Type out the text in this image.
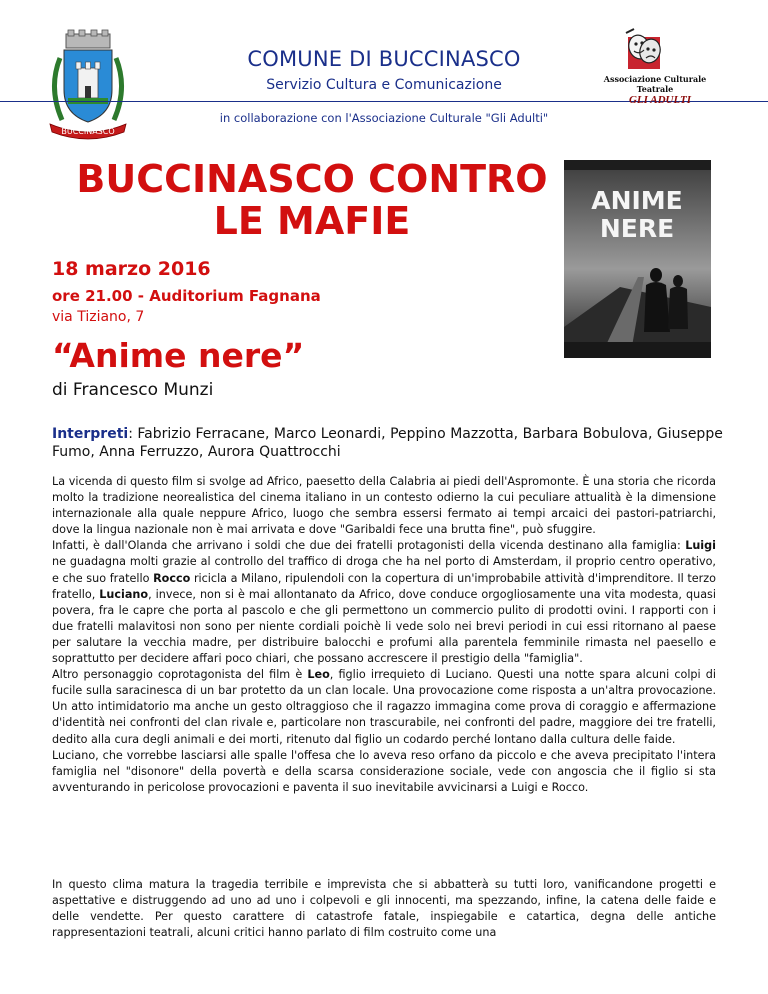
BUCCINASCO
COMUNE DI BUCCINASCO
Servizio Cultura e Comunicazione
in collaborazione con l'Associazione Culturale "Gli Adulti"
Associazione Culturale Teatrale
GLI ADULTI
BUCCINASCO CONTRO
LE MAFIE
18 marzo 2016
ore 21.00 - Auditorium Fagnana
via Tiziano, 7
“Anime nere”
di Francesco Munzi
ANIME
NERE
Interpreti: Fabrizio Ferracane, Marco Leonardi, Peppino Mazzotta, Barbara Bobulova, Giuseppe Fumo, Anna Ferruzzo, Aurora Quattrocchi

La vicenda di questo film si svolge ad Africo, paesetto della Calabria ai piedi dell'Aspromonte. È una storia che ricorda molto la tradizione neorealistica del cinema italiano in un contesto odierno la cui peculiare attualità è la dimensione internazionale alla quale neppure Africo, luogo che sembra essersi fermato ai tempi arcaici dei pastori-patriarchi, dove la lingua nazionale non è mai arrivata e dove "Garibaldi fece una brutta fine", può sfuggire.

Infatti, è dall'Olanda che arrivano i soldi che due dei fratelli protagonisti della vicenda destinano alla famiglia: Luigi ne guadagna molti grazie al controllo del traffico di droga che ha nel porto di Amsterdam, il proprio centro operativo, e che suo fratello Rocco ricicla a Milano, ripulendoli con la copertura di un'improbabile attività d'imprenditore. Il terzo fratello, Luciano, invece, non si è mai allontanato da Africo, dove conduce orgogliosamente una vita modesta, quasi povera, fra le capre che porta al pascolo e che gli permettono un commercio pulito di prodotti ovini. I rapporti con i due fratelli malavitosi non sono per niente cordiali poichè li vede solo nei brevi periodi in cui essi ritornano al paese per salutare la vecchia madre, per distribuire balocchi e profumi alla parentela femminile rimasta nel paesello e soprattutto per decidere affari poco chiari, che possano accrescere il prestigio della "famiglia".

Altro personaggio coprotagonista del film è Leo, figlio irrequieto di Luciano. Questi una notte spara alcuni colpi di fucile sulla saracinesca di un bar protetto da un clan locale. Una provocazione come risposta a un'altra provocazione. Un atto intimidatorio ma anche un gesto oltraggioso che il ragazzo immagina come prova di coraggio e affermazione d'identità nei confronti del clan rivale e, particolare non trascurabile, nei confronti del padre, maggiore dei tre fratelli, dedito alla cura degli animali e dei morti, ritenuto dal figlio un codardo perché lontano dalla cultura delle faide.

Luciano, che vorrebbe lasciarsi alle spalle l'offesa che lo aveva reso orfano da piccolo e che aveva precipitato l'intera famiglia nel "disonore" della povertà e della scarsa considerazione sociale, vede con angoscia che il figlio si sta avventurando in pericolose provocazioni e paventa il suo inevitabile avvicinarsi a Luigi e Rocco.

In questo clima matura la tragedia terribile e imprevista che si abbatterà su tutti loro, vanificandone progetti e aspettative e distruggendo ad uno ad uno i colpevoli e gli innocenti, ma spezzando, infine, la catena delle faide e delle vendette. Per questo carattere di catastrofe fatale, inspiegabile e catartica, degna delle antiche rappresentazioni teatrali, alcuni critici hanno parlato di film costruito come una
